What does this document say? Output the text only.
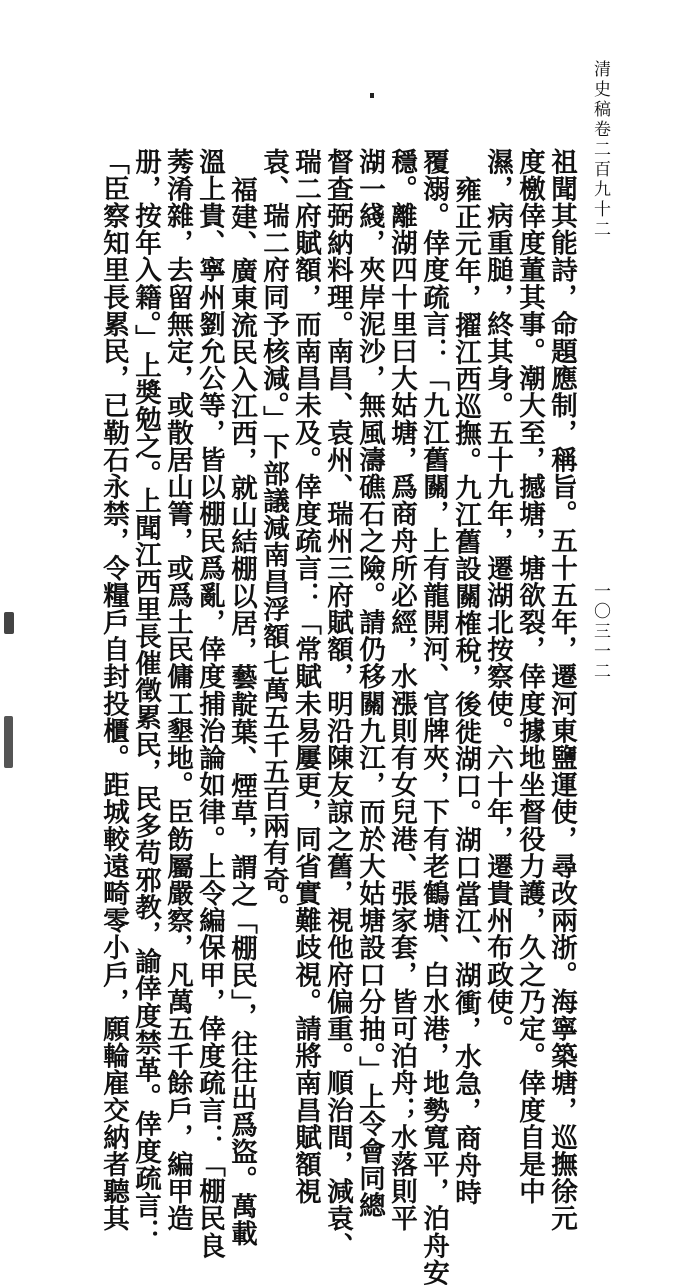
清史稿卷二百九十二
一〇三一二
祖聞其能詩，命題應制，稱旨。五十五年，遷河東鹽運使，尋改兩浙。海寧築塘，巡撫徐元
度檄倖度董其事。潮大至，撼塘，塘欲裂，倖度據地坐督役力護，久之乃定。倖度自是中
濕，病重膇，終其身。五十九年，遷湖北按察使。六十年，遷貴州布政使。
雍正元年，擢江西巡撫。九江舊設關榷稅，後徙湖口。湖口當江、湖衝，水急，商舟時
覆溺。倖度疏言：「九江舊關，上有龍開河、官牌夾，下有老鶴塘、白水港，地勢寬平，泊舟安
穩。離湖四十里曰大姑塘，爲商舟所必經，水漲則有女兒港、張家套，皆可泊舟；水落則平
湖一綫，夾岸泥沙，無風濤礁石之險。請仍移關九江，而於大姑塘設口分抽。」上令會同總
督查弼納料理。南昌、袁州、瑞州三府賦額，明沿陳友諒之舊，視他府偏重。順治間，減袁、
瑞二府賦額，而南昌未及。倖度疏言：「常賦未易屢更，同省實難歧視。請將南昌賦額視
袁、瑞二府同予核減。」下部議減南昌浮額七萬五千五百兩有奇。
福建、廣東流民入江西，就山結棚以居，藝靛葉、煙草，謂之「棚民」，往往出爲盜。萬載
溫上貴、寧州劉允公等，皆以棚民爲亂，倖度捕治論如律。上令編保甲，倖度疏言：「棚民良
莠淆雜，去留無定，或散居山箐，或爲土民傭工墾地。臣飭屬嚴察，凡萬五千餘戶，編甲造
册，按年入籍。」上奬勉之。上聞江西里長催徵累民，民多苟邪教，諭倖度禁革。倖度疏言：
「臣察知里長累民，已勒石永禁，令糧戶自封投櫃。距城較遠畸零小戶，願輪雇交納者聽其
